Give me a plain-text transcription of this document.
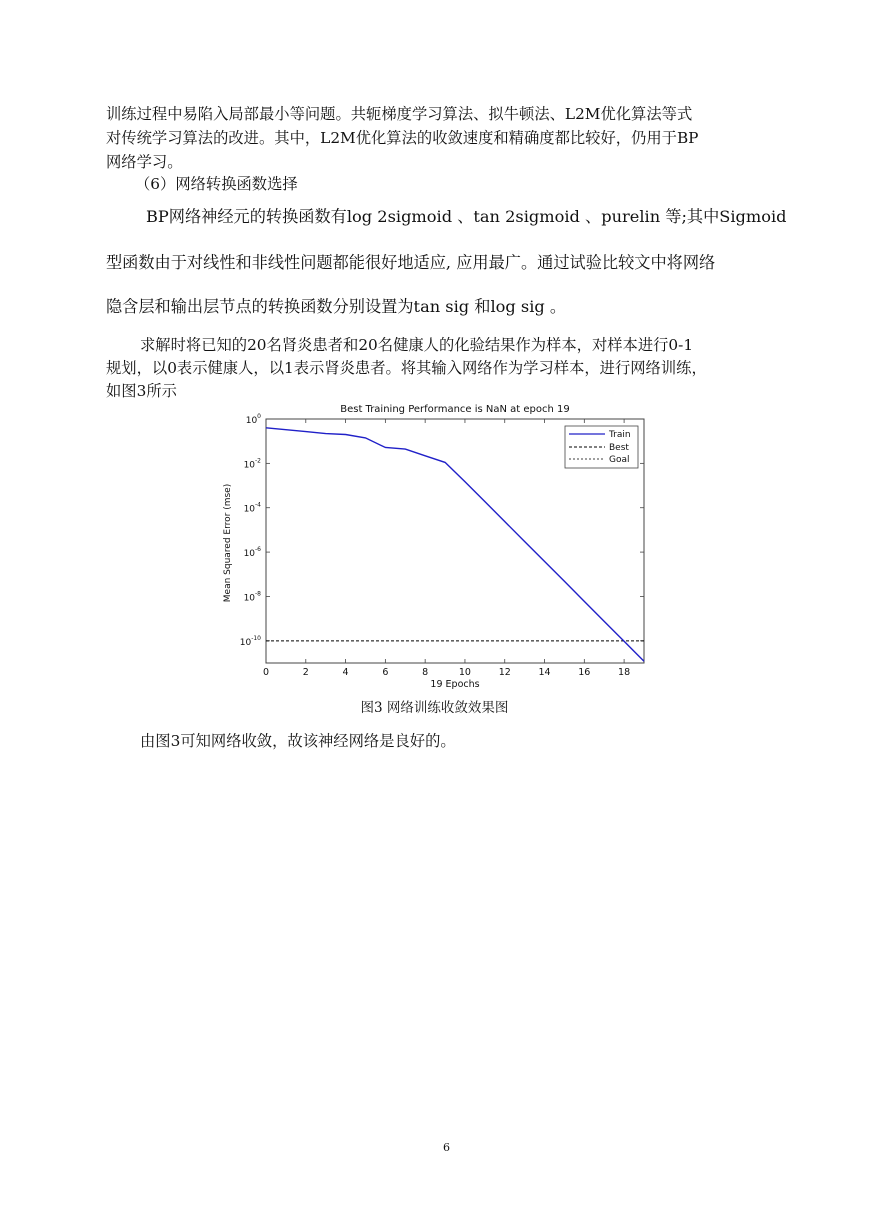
训练过程中易陷入局部最小等问题。共轭梯度学习算法、拟牛顿法、L2M优化算法等式
对传统学习算法的改进。其中，L2M优化算法的收敛速度和精确度都比较好，仍用于BP
网络学习。
（6）网络转换函数选择
BP网络神经元的转换函数有log 2sigmoid 、tan 2sigmoid 、purelin 等;其中Sigmoid
型函数由于对线性和非线性问题都能很好地适应, 应用最广。通过试验比较文中将网络
隐含层和输出层节点的转换函数分别设置为tan sig 和log sig 。
求解时将已知的20名肾炎患者和20名健康人的化验结果作为样本，对样本进行0-1
规划，以0表示健康人，以1表示肾炎患者。将其输入网络作为学习样本，进行网络训练，
如图3所示
Best Training Performance is NaN at epoch 19
0	2	4	6	8	10	12	14	16	18
$10^0$
$10^{-2}$
$10^{-4}$
$10^{-6}$
$10^{-8}$
$10^{-10}$
Train
Best
Goal
19 Epochs
Mean Squared Error (mse)
图3 网络训练收敛效果图
由图3可知网络收敛，故该神经网络是良好的。
6
